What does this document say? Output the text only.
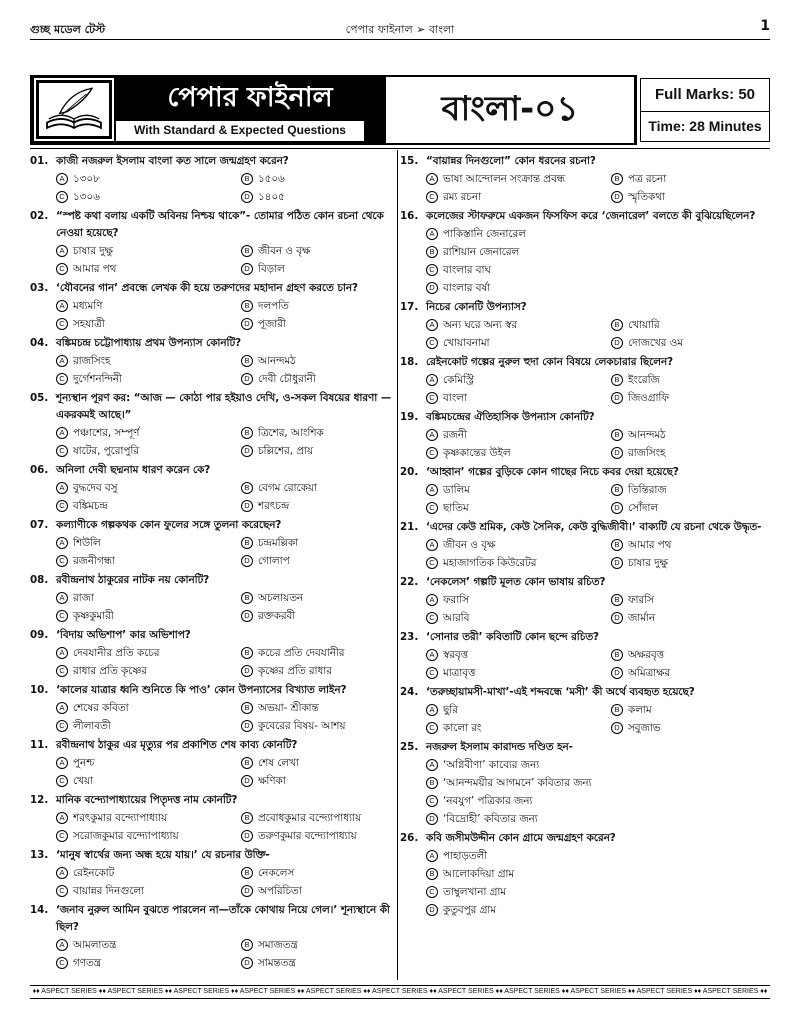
গুচ্ছ মডেল টেস্ট	পেপার ফাইনাল ➢ বাংলা	1
পেপার ফাইনাল
With Standard & Expected Questions
বাংলা-০১	Full Marks: 50
Time: 28 Minutes
01. কাজী নজরুল ইসলাম বাংলা কত সালে জন্মগ্রহণ করেন?
A ১৩০৮	B ১৫০৬
C ১৩০৬	D ১৪০৫
02. “স্পষ্ট কথা বলায় একটি অবিনয় নিশ্চয় থাকে”- তোমার পঠিত কোন রচনা থেকে নেওয়া হয়েছে?
A চাষার দুক্ষু	B জীবন ও বৃক্ষ
C আমার পথ	D বিড়াল
03. ‘যৌবনের গান’ প্রবন্ধে লেখক কী হয়ে তরুণদের মহাদান গ্রহণ করতে চান?
A মধ্যমণি	B দলপতি
C সহযাত্রী	D পূজারী
04. বঙ্কিমচন্দ্র চট্টোপাধ্যায় প্রথম উপন্যাস কোনটি?
A রাজসিংহ	B আনন্দমঠ
C দুর্গেশনন্দিনী	D দেবী চৌধুরানী
05. শূন্যস্থান পূরণ কর: “আজ — কোঠা পার হইয়াও দেখি, ও-সকল বিষয়ের ধারণা — একরকমই আছে।”
A পঞ্চাশের, সম্পূর্ণ	B ত্রিশের, আংশিক
C ষাটের, পুরোপুরি	D চল্লিশের, প্রায়
06. অনিলা দেবী ছদ্মনাম ধারণ করেন কে?
A বুদ্ধদেব বসু	B বেগম রোকেয়া
C বঙ্কিমচন্দ্র	D শরৎচন্দ্র
07. কল্যাণীকে গল্পকথক কোন ফুলের সঙ্গে তুলনা করেছেন?
A শিউলি	B চন্দ্রমল্লিকা
C রজনীগন্ধা	D গোলাপ
08. রবীন্দ্রনাথ ঠাকুরের নাটক নয় কোনটি?
A রাজা	B অচলায়তন
C কৃষ্ণকুমারী	D রক্তকরবী
09. ‘বিদায় অভিশাপ’ কার অভিশাপ?
A দেবযানীর প্রতি কচের	B কচের প্রতি দেবযানীর
C রাধার প্রতি কৃষ্ণের	D কৃষ্ণের প্রতি রাধার
10. ‘কালের যাত্রার ধ্বনি শুনিতে কি পাও’ কোন উপন্যাসের বিখ্যাত লাইন?
A শেষের কবিতা	B অভয়া- শ্রীকান্ত
C লীলাবতী	D কুবেরের বিষয়- আশয়
11. রবীন্দ্রনাথ ঠাকুর এর মৃত্যুর পর প্রকাশিত শেষ কাব্য কোনটি?
A পুনশ্চ	B শেষ লেখা
C খেয়া	D ক্ষণিকা
12. মানিক বন্দ্যোপাধ্যায়ের পিতৃদত্ত নাম কোনটি?
A শরৎকুমার বন্দ্যোপাধ্যায়	B প্রবোধকুমার বন্দ্যোপাধ্যায়
C সরোজকুমার বন্দ্যোপাধ্যায়	D তরুণকুমার বন্দ্যোপাধ্যায়
13. ‘মানুষ স্বার্থের জন্য অন্ধ হয়ে যায়।’ যে রচনার উক্তি-
A রেইনকোট	B নেকলেস
C বায়ান্নর দিনগুলো	D অপরিচিতা
14. ‘জনাব নুরুল আমিন বুঝতে পারলেন না—তাঁকে কোথায় নিয়ে গেল।’ শূন্যস্থানে কী ছিল?
A আমলাতন্ত্র	B সমাজতন্ত্র
C গণতন্ত্র	D সামন্ততন্ত্র
15. “বায়ান্নর দিনগুলো” কোন ধরনের রচনা?
A ভাষা আন্দোলন সংক্রান্ত প্রবন্ধ	B পত্র রচনা
C রম্য রচনা	D স্মৃতিকথা
16. কলেজের স্টাফরুমে একজন ফিসফিস করে ‘জেনারেল’ বলতে কী বুঝিয়েছিলেন?
A পাকিস্তানি জেনারেল
B রাশিয়ান জেনারেল
C বাংলার বাঘ
D বাংলার বর্ষা
17. নিচের কোনটি উপন্যাস?
A অন্য ঘরে অন্য স্বর	B খোয়ারি
C খোয়াবনামা	D দোজখের ওম
18. রেইনকোট গল্পের নুরুল হুদা কোন বিষয়ে লেকচারার ছিলেন?
A কেমিস্ট্রি	B ইংরেজি
C বাংলা	D জিওগ্রাফি
19. বঙ্কিমচন্দ্রের ঐতিহাসিক উপন্যাস কোনটি?
A রজনী	B আনন্দমঠ
C কৃষ্ণকান্তের উইল	D রাজসিংহ
20. ‘আহ্বান’ গল্পের বুড়িকে কোন গাছের নিচে কবর দেয়া হয়েছে?
A ডালিম	B তিন্তিরাজ
C ছাতিম	D সোঁদাল
21. ‘এদের কেউ শ্রমিক, কেউ সৈনিক, কেউ বুদ্ধিজীবী।’ বাক্যটি যে রচনা থেকে উদ্ধৃত-
A জীবন ও বৃক্ষ	B আমার পথ
C মহাজাগতিক কিউরেটর	D চাষার দুক্ষু
22. ‘নেকলেস’ গল্পটি মূলত কোন ভাষায় রচিত?
A ফরাসি	B ফারসি
C আরবি	D জার্মান
23. ‘সোনার তরী’ কবিতাটি কোন ছন্দে রচিত?
A স্বরবৃত্ত	B অক্ষরবৃত্ত
C মাত্রাবৃত্ত	D অমিত্রাক্ষর
24. ‘তরুচ্ছায়ামসী-মাখা’-এই শব্দবন্ধে ‘মসী’ কী অর্থে ব্যবহৃত হয়েছে?
A ছুরি	B কলাম
C কালো রং	D সবুজাভ
25. নজরুল ইসলাম কারাদন্ড দণ্ডিত হন-
A ‘অগ্নিবীণা’ কাব্যের জন্য
B ‘আনন্দময়ীর আগমনে’ কবিতার জন্য
C ‘নবযুগ’ পত্রিকার জন্য
D ‘বিদ্রোহী’ কবিতার জন্য
26. কবি জসীমউদ্দীন কোন গ্রামে জন্মগ্রহণ করেন?
A পাহাড়তলী
B আলোকদিয়া গ্রাম
C তাম্বুলখানা গ্রাম
D কুতুবপুর গ্রাম
♦♦ ASPECT SERIES ♦♦ ASPECT SERIES ♦♦ ASPECT SERIES ♦♦ ASPECT SERIES ♦♦ ASPECT SERIES ♦♦ ASPECT SERIES ♦♦ ASPECT SERIES ♦♦ ASPECT SERIES ♦♦ ASPECT SERIES ♦♦ ASPECT SERIES ♦♦ ASPECT SERIES ♦♦
